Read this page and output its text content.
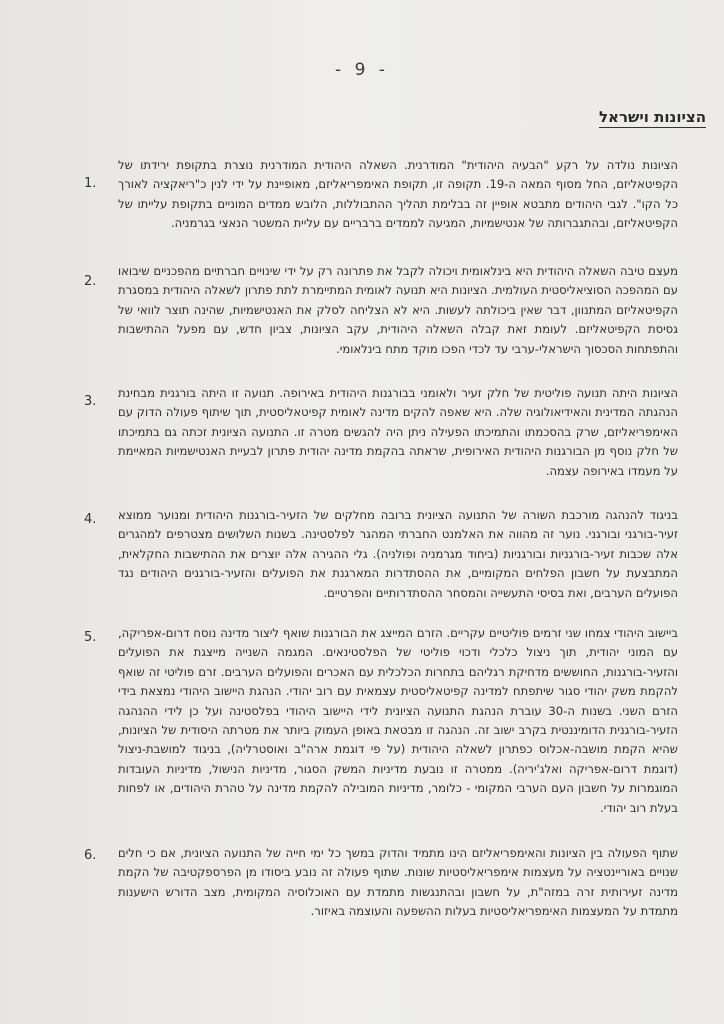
- 9 -
הציונות וישראל
1.
הציונות נולדה על רקע "הבעיה היהודית" המודרנית. השאלה היהודית המודרנית נוצרת בתקופת ירידתו של הקפיטאליזם, החל מסוף המאה ה-19. תקופה זו, תקופת האימפריאליזם, מאופיינת על ידי לנין כ"ריאקציה לאורך כל הקו". לגבי היהודים מתבטא אופיין זה בבלימת תהליך ההתבוללות, הלובש ממדים המוניים בתקופת עלייתו של הקפיטאליזם, ובהתגברותה של אנטישמיות, המגיעה לממדים ברבריים עם עליית המשטר הנאצי בגרמניה.
2.
מעצם טיבה השאלה היהודית היא בינלאומית ויכולה לקבל את פתרונה רק על ידי שינויים חברתיים מהפכניים שיבואו עם המהפכה הסוציאליסטית העולמית. הציונות היא תנועה לאומית המתיימרת לתת פתרון לשאלה היהודית במסגרת הקפיטאליזם המתנוון, דבר שאין ביכולתה לעשות. היא לא הצליחה לסלק את האנטישמיות, שהינה תוצר לוואי של גסיסת הקפיטאליזם. לעומת זאת קבלה השאלה היהודית, עקב הציונות, צביון חדש, עם מפעל ההתישבות והתפתחות הסכסוך הישראלי-ערבי עד לכדי הפכו מוקד מתח בינלאומי.
3.
הציונות היתה תנועה פוליטית של חלק זעיר ולאומני בבורגנות היהודית באירופה. תנועה זו היתה בורגנית מבחינת הנהגתה המדינית והאידיאולוגיה שלה. היא שאפה להקים מדינה לאומית קפיטאליסטית, תוך שיתוף פעולה הדוק עם האימפריאליזם, שרק בהסכמתו והתמיכתו הפעילה ניתן היה להגשים מטרה זו. התנועה הציונית זכתה גם בתמיכתו של חלק נוסף מן הבורגנות היהודית האירופית, שראתה בהקמת מדינה יהודית פתרון לבעיית האנטישמיות המאיימת על מעמדו באירופה עצמה.
4. בניגוד להנהגה מורכבת השורה של התנועה הציונית ברובה מחלקים של הזעיר-בורגנות היהודית ומנוער ממוצא זעיר-בורגני ובורגני. נוער זה מהווה את האלמנט החברתי המהגר לפלסטינה. בשנות השלושים מצטרפים למהגרים אלה שכבות זעיר-בורגניות ובורגניות (ביחוד מגרמניה ופולניה). גלי ההגירה אלה יוצרים את ההתישבות החקלאית, המתבצעת על חשבון הפלחים המקומיים, את ההסתדרות המארגנת את הפועלים והזעיר-בורגנים היהודים נגד הפועלים הערבים, ואת בסיסי התעשייה והמסחר ההסתדרותיים והפרטיים.
5. ביישוב היהודי צמחו שני זרמים פוליטיים עקריים. הזרם המייצג את הבורגנות שואף ליצור מדינה נוסח דרום-אפריקה, עם המוני יהודית, תוך ניצול כלכלי ודכוי פוליטי של הפלסטינאים. המגמה השנייה מייצגת את הפועלים והזעיר-בורגנות, החוששים מדחיקת רגליהם בתחרות הכלכלית עם האכרים והפועלים הערבים. זרם פוליטי זה שואף להקמת משק יהודי סגור שיתפתח למדינה קפיטאליסטית עצמאית עם רוב יהודי. הנהגת היישוב היהודי נמצאת בידי הזרם השני. בשנות ה-30 עוברת הנהגת התנועה הציונית לידי היישוב היהודי בפלסטינה ועל כן לידי ההנהגה הזעיר-בורגנית הדומיננטית בקרב ישוב זה. הנהגה זו מבטאת באופן העמוק ביותר את מטרתה היסודית של הציונות, שהיא הקמת מושבה-אכלוס כפתרון לשאלה היהודית (על פי דוגמת ארה"ב ואוסטרליה), בניגוד למושבת-ניצול (דוגמת דרום-אפריקה ואלג'יריה). ממטרה זו נובעת מדיניות המשק הסגור, מדיניות הנישול, מדיניות העובדות המוגמרות על חשבון העם הערבי המקומי - כלומר, מדיניות המובילה להקמת מדינה על טהרת היהודים, או לפחות בעלת רוב יהודי.
6. שתוף הפעולה בין הציונות והאימפריאליזם הינו מתמיד והדוק במשך כל ימי חייה של התנועה הציונית, אם כי חלים שנויים באוריינטציה על מעצמות אימפריאליסטיות שונות. שתוף פעולה זה נובע ביסודו מן הפרספקטיבה של הקמת מדינה זעירותית זרה במזה"ת, על חשבון ובהתנגשות מתמדת עם האוכלוסיה המקומית, מצב הדורש הישענות מתמדת על המעצמות האימפריאליסטיות בעלות ההשפעה והעוצמה באיזור.
